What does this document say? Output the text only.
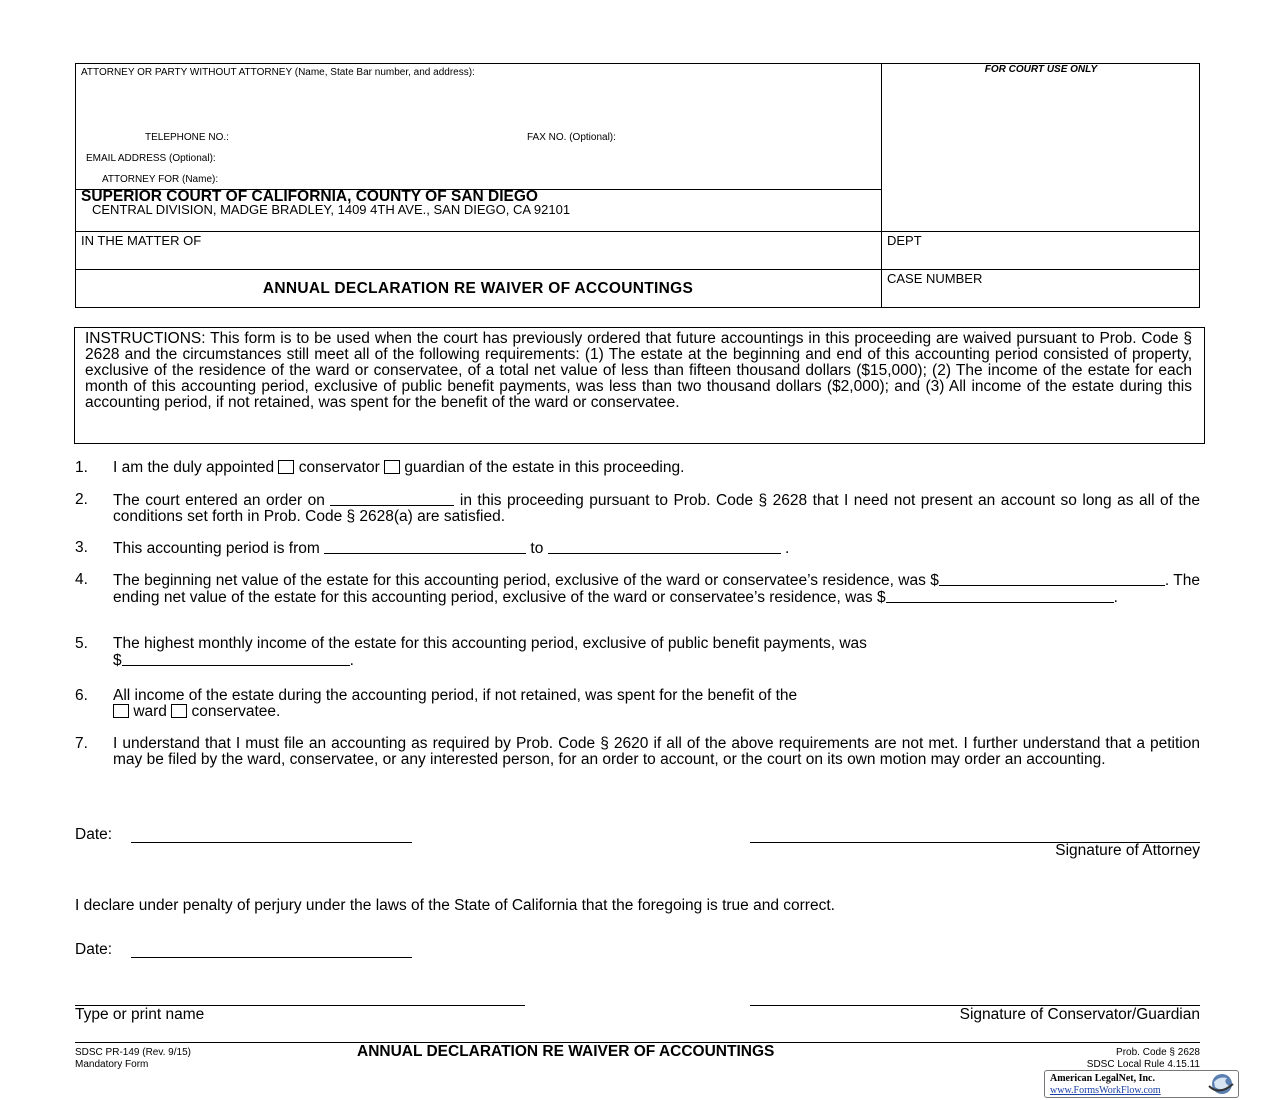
ATTORNEY OR PARTY WITHOUT ATTORNEY (Name, State Bar number, and address):	FOR COURT USE ONLY
TELEPHONE NO.:	FAX NO. (Optional):
EMAIL ADDRESS (Optional):
ATTORNEY FOR (Name):
SUPERIOR COURT OF CALIFORNIA, COUNTY OF SAN DIEGO
CENTRAL DIVISION, MADGE BRADLEY, 1409 4TH AVE., SAN DIEGO, CA 92101
IN THE MATTER OF	DEPT
CASE NUMBER
ANNUAL DECLARATION RE WAIVER OF ACCOUNTINGS
INSTRUCTIONS: This form is to be used when the court has previously ordered that future accountings in this proceeding are waived pursuant to Prob. Code § 2628 and the circumstances still meet all of the following requirements: (1) The estate at the beginning and end of this accounting period consisted of property, exclusive of the residence of the ward or conservatee, of a total net value of less than fifteen thousand dollars ($15,000); (2) The income of the estate for each month of this accounting period, exclusive of public benefit payments, was less than two thousand dollars ($2,000); and (3) All income of the estate during this accounting period, if not retained, was spent for the benefit of the ward or conservatee.
1.	I am the duly appointed conservator guardian of the estate in this proceeding.
2.	The court entered an order on	in this proceeding pursuant to Prob. Code § 2628 that I need not present an account so long as all of the conditions set forth in Prob. Code § 2628(a) are satisfied.
3.	This accounting period is from	to	.
4.	The beginning net value of the estate for this accounting period, exclusive of the ward or conservatee’s residence, was $	. The ending net value of the estate for this accounting period, exclusive of the ward or conservatee’s residence, was $	.
5.	The highest monthly income of the estate for this accounting period, exclusive of public benefit payments, was
$	.
6.	All income of the estate during the accounting period, if not retained, was spent for the benefit of the
ward conservatee.
7.	I understand that I must file an accounting as required by Prob. Code § 2620 if all of the above requirements are not met. I further understand that a petition may be filed by the ward, conservatee, or any interested person, for an order to account, or the court on its own motion may order an accounting.
Date:
Signature of Attorney
I declare under penalty of perjury under the laws of the State of California that the foregoing is true and correct.
Date:
Type or print name	Signature of Conservator/Guardian
SDSC PR-149 (Rev. 9/15)
Mandatory Form
ANNUAL DECLARATION RE WAIVER OF ACCOUNTINGS	Prob. Code § 2628
SDSC Local Rule 4.15.11
American LegalNet, Inc.
www.FormsWorkFlow.com
